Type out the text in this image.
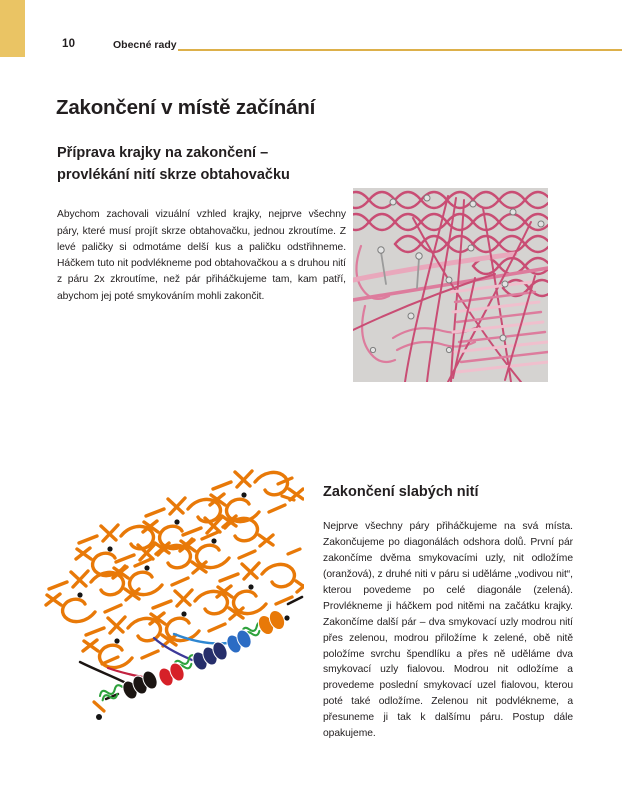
10	Obecné rady
Zakončení v místě začínání
Příprava krajky na zakončení –
provlékání nití skrze obtahovačku

Abychom zachovali vizuální vzhled krajky, nejprve všechny páry, které musí projít skrze obtahovačku, jednou zkroutíme. Z levé paličky si odmotáme delší kus a paličku odstřihneme. Háčkem tuto nit podvlékneme pod obtahovačkou a s druhou nití z páru 2x zkroutíme, než pár přiháčkujeme tam, kam patří, abychom jej poté smykováním mohli zakončit.

Zakončení slabých nití

Nejprve všechny páry přiháčkujeme na svá místa. Zakončujeme po diagonálách odshora dolů. První pár zakončíme dvěma smykovacími uzly, nit odložíme (oranžová), z druhé niti v páru si uděláme „vodivou nit“, kterou povedeme po celé diagonále (zelená). Provlékneme ji háčkem pod nitěmi na začátku krajky. Zakončíme další pár – dva smykovací uzly modrou nití přes zelenou, modrou přiložíme k zelené, obě nitě položíme svrchu špendlíku a přes ně uděláme dva smykovací uzly fialovou. Modrou nit odložíme a provedeme poslední smykovací uzel fialovou, kterou poté také odložíme. Zelenou nit podvlékneme, a přesuneme ji tak k dalšímu páru. Postup dále opakujeme.
